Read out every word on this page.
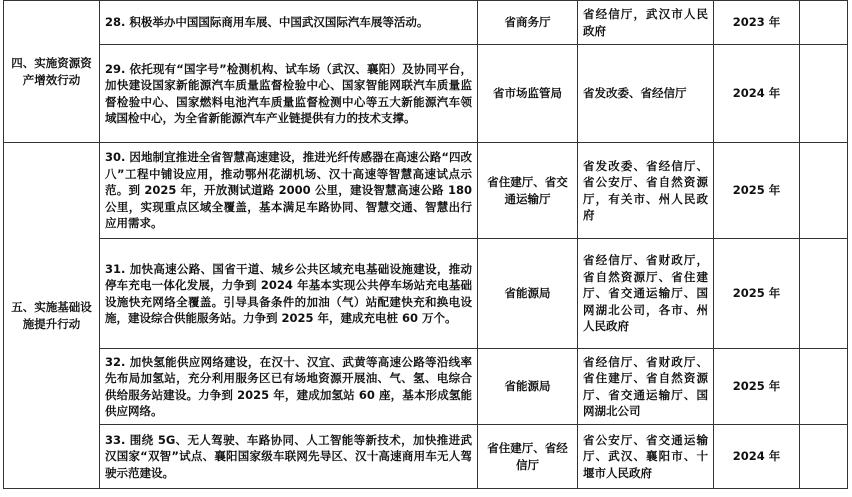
四、实施资源资产增效行动	28. 积极举办中国国际商用车展、中国武汉国际汽车展等活动。	省商务厅	省经信厅，武汉市人民政府	2023 年	
	29. 依托现有“国字号”检测机构、试车场（武汉、襄阳）及协同平台，加快建设国家新能源汽车质量监督检验中心、国家智能网联汽车质量监督检验中心、国家燃料电池汽车质量监督检测中心等五大新能源汽车领域国检中心，为全省新能源汽车产业链提供有力的技术支撑。	省市场监管局	省发改委、省经信厅	2024 年	
五、实施基础设施提升行动	30. 因地制宜推进全省智慧高速建设，推进光纤传感器在高速公路“四改八”工程中铺设应用，推动鄂州花湖机场、汉十高速等智慧高速试点示范。到 2025 年，开放测试道路 2000 公里，建设智慧高速公路 180 公里，实现重点区域全覆盖，基本满足车路协同、智慧交通、智慧出行应用需求。	省住建厅、省交通运输厅	省发改委、省经信厅、省公安厅、省自然资源厅，有关市、州人民政府	2025 年	
	31. 加快高速公路、国省干道、城乡公共区域充电基础设施建设，推动停车充电一体化发展，力争到 2024 年基本实现公共停车场站充电基础设施快充网络全覆盖。引导具备条件的加油（气）站配建快充和换电设施，建设综合供能服务站。力争到 2025 年，建成充电桩 60 万个。	省能源局	省经信厅、省财政厅，省自然资源厅、省住建厅、省交通运输厅、国网湖北公司，各市、州人民政府	2025 年	
	32. 加快氢能供应网络建设，在汉十、汉宜、武黄等高速公路等沿线率先布局加氢站，充分利用服务区已有场地资源开展油、气、氢、电综合供给服务站建设。力争到 2025 年，建成加氢站 60 座，基本形成氢能供应网络。	省能源局	省经信厅、省财政厅、省住建厅、省自然资源厅、省交通运输厅、国网湖北公司	2025 年	
	33. 围绕 5G、无人驾驶、车路协同、人工智能等新技术，加快推进武汉国家“双智”试点、襄阳国家级车联网先导区、汉十高速商用车无人驾驶示范建设。	省住建厅、省经信厅	省公安厅、省交通运输厅、武汉、襄阳市、十堰市人民政府	2024 年	
